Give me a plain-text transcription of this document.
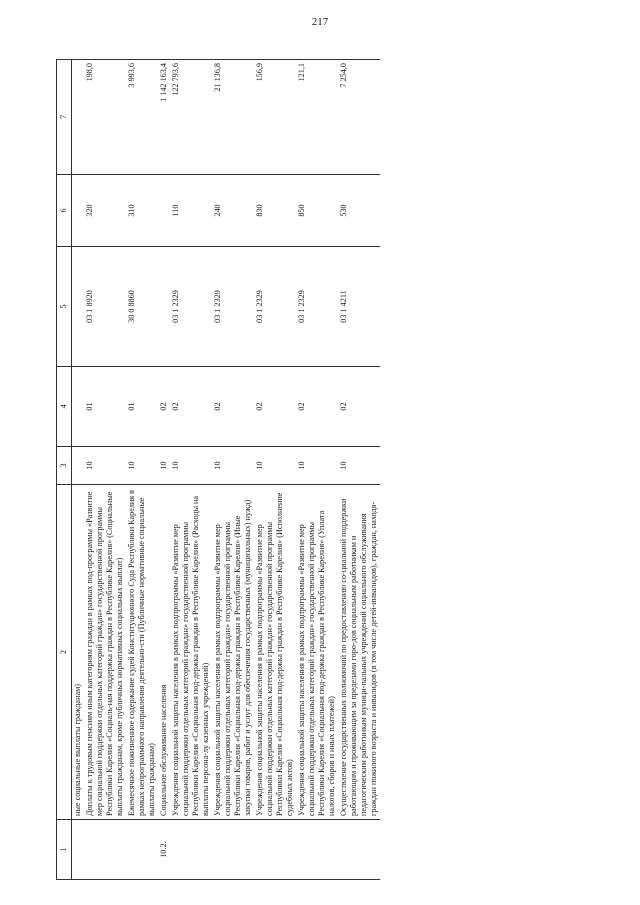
217
1	2	3	4	5	6	7
	ные социальные выплаты гражданам)					
	Доплаты к трудовым пенсиям иным категориям граждан в рамках под-программы «Развитие мер социальной поддержки отдельных категорий граждан» государственной программы Республики Карелия «Социаль-ная поддержка граждан в Республике Карелия» (Социальные выплаты гражданам, кроме публичных нормативных социальных выплат)	10	01	03 1 8920	320	198,0
	Ежемесячное пожизненное содержание судей Конституционного Суда Республики Карелия в рамках непрограммного направления деятельно-сти (Публичные нормативные социальные выплаты гражданам)	10	01	30 0 8860	310	3 993,6
10.2.	Социальное обслуживание населения	10	02			1 142 163,4
	Учреждения социальной защиты населения в рамках подпрограммы «Развитие мер социальной поддержки отдельных категорий граждан» государственной программы Республики Карелия «Социальная под-держка граждан в Республике Карелия» (Расходы на выплаты персона-лу казенных учреждений)	10	02	03 1 2329	110	122 793,6
	Учреждения социальной защиты населения в рамках подпрограммы «Развитие мер социальной поддержки отдельных категорий граждан» государственной программы Республики Карелия «Социальная под-держка граждан в Республике Карелия» (Иные закупки товаров, работ и услуг для обеспечения государственных (муниципальных) нужд)	10	02	03 1 2329	240	21 136,8
	Учреждения социальной защиты населения в рамках подпрограммы «Развитие мер социальной поддержки отдельных категорий граждан» государственной программы Республики Карелия «Социальная под-держка граждан в Республике Карелия» (Исполнение судебных актов)	10	02	03 1 2329	830	156,9
	Учреждения социальной защиты населения в рамках подпрограммы «Развитие мер социальной поддержки отдельных категорий граждан» государственной программы Республики Карелия «Социальная под-держка граждан в Республике Карелия» (Уплата налогов, сборов и иных платежей)	10	02	03 1 2329	850	121,1
	Осуществление государственных полномочий по предоставлению со-циальной поддержки работающим и проживающим за пределами горо-дов социальным работникам и педагогическим работникам муници-пальных учреждений социального обслуживания граждан пожилого возраста и инвалидов (в том числе детей-инвалидов), граждан, находя-	10	02	03 1 4211	530	7 254,0
